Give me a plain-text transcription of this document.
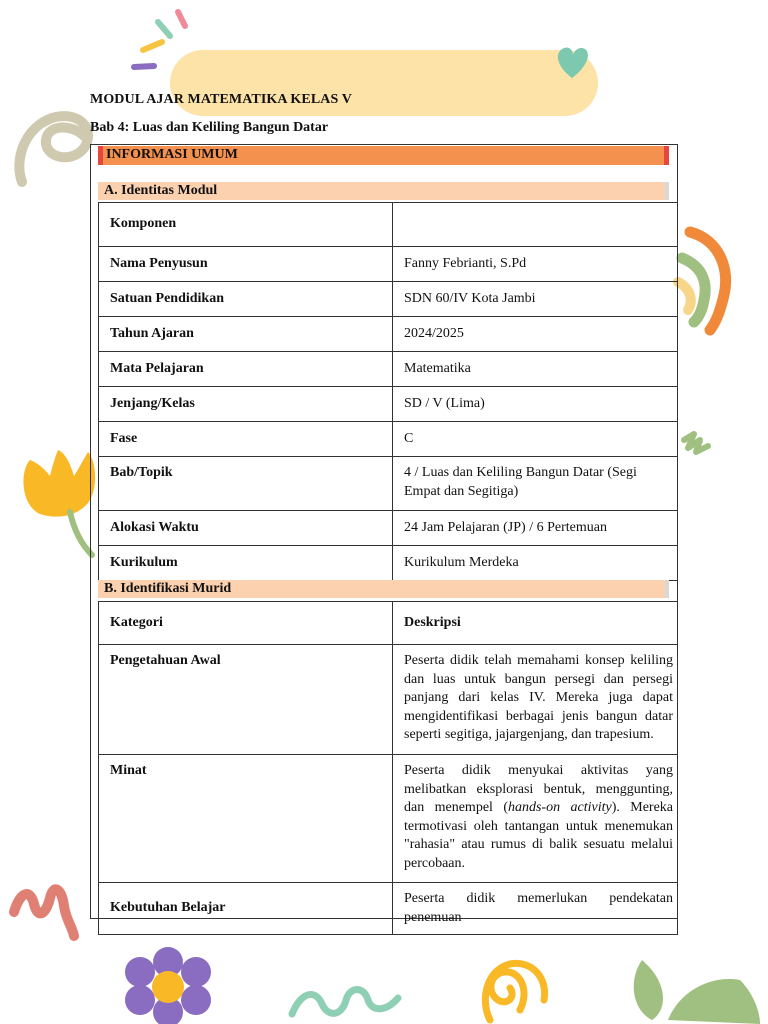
MODUL AJAR MATEMATIKA KELAS V
Bab 4: Luas dan Keliling Bangun Datar
INFORMASI UMUM
A. Identitas Modul
Komponen	
Nama Penyusun	Fanny Febrianti, S.Pd
Satuan Pendidikan	SDN 60/IV Kota Jambi
Tahun Ajaran	2024/2025
Mata Pelajaran	Matematika
Jenjang/Kelas	SD / V (Lima)
Fase	C
Bab/Topik	4 / Luas dan Keliling Bangun Datar (Segi Empat dan Segitiga)
Alokasi Waktu	24 Jam Pelajaran (JP) / 6 Pertemuan
Kurikulum	Kurikulum Merdeka
B. Identifikasi Murid
Kategori	Deskripsi
Pengetahuan Awal	Peserta didik telah memahami konsep keliling dan luas untuk bangun persegi dan persegi panjang dari kelas IV. Mereka juga dapat mengidentifikasi berbagai jenis bangun datar seperti segitiga, jajargenjang, dan trapesium.
Minat	Peserta didik menyukai aktivitas yang melibatkan eksplorasi bentuk, menggunting, dan menempel (hands-on activity). Mereka termotivasi oleh tantangan untuk menemukan "rahasia" atau rumus di balik sesuatu melalui percobaan.
Kebutuhan Belajar	Peserta didik memerlukan pendekatan penemuan
